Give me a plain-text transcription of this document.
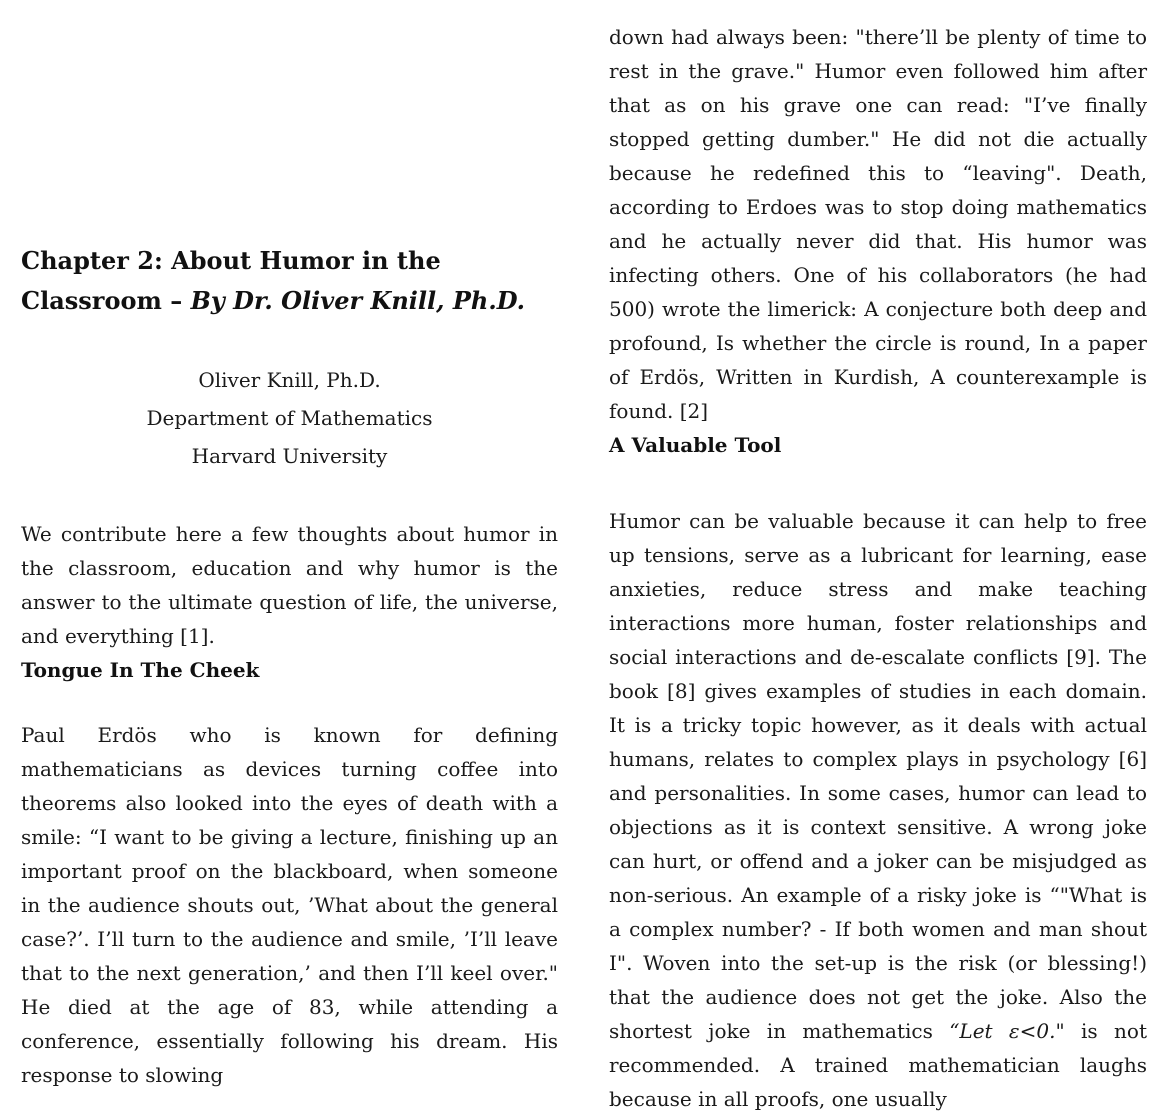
Chapter 2: About Humor in the
Classroom – By Dr. Oliver Knill, Ph.D.
Oliver Knill, Ph.D.
Department of Mathematics
Harvard University

We contribute here a few thoughts about humor in the classroom, education and why humor is the answer to the ultimate question of life, the universe, and everything [1].

Tongue In The Cheek

Paul Erdös who is known for defining mathematicians as devices turning coffee into theorems also looked into the eyes of death with a smile: “I want to be giving a lecture, finishing up an important proof on the blackboard, when someone in the audience shouts out, ’What about the general case?’. I’ll turn to the audience and smile, ’I’ll leave that to the next generation,’ and then I’ll keel over." He died at the age of 83, while attending a conference, essentially following his dream. His response to slowing

down had always been: "there’ll be plenty of time to rest in the grave." Humor even followed him after that as on his grave one can read: "I’ve finally stopped getting dumber." He did not die actually because he redefined this to “leaving". Death, according to Erdoes was to stop doing mathematics and he actually never did that. His humor was infecting others. One of his collaborators (he had 500) wrote the limerick: A conjecture both deep and profound, Is whether the circle is round, In a paper of Erdös, Written in Kurdish, A counterexample is found. [2]

A Valuable Tool

Humor can be valuable because it can help to free up tensions, serve as a lubricant for learning, ease anxieties, reduce stress and make teaching interactions more human, foster relationships and social interactions and de-escalate conflicts [9]. The book [8] gives examples of studies in each domain. It is a tricky topic however, as it deals with actual humans, relates to complex plays in psychology [6] and personalities. In some cases, humor can lead to objections as it is context sensitive. A wrong joke can hurt, or offend and a joker can be misjudged as non-serious. An example of a risky joke is “"What is a complex number? - If both women and man shout I". Woven into the set-up is the risk (or blessing!) that the audience does not get the joke. Also the shortest joke in mathematics “Let ε<0." is not recommended. A trained mathematician laughs because in all proofs, one usually
